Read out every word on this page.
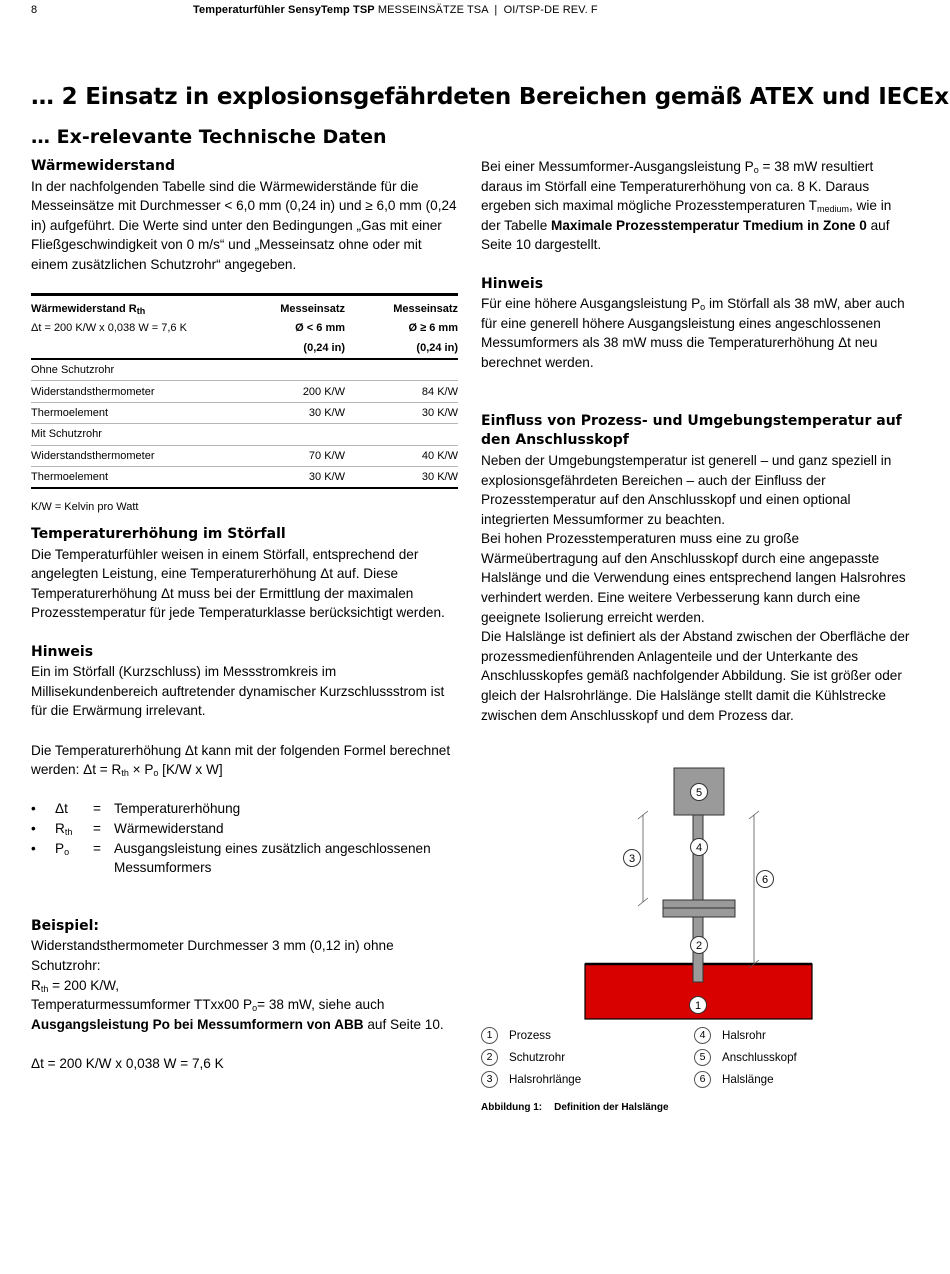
8	Temperaturfühler SensyTemp TSP MESSEINSÄTZE TSA  |  OI/TSP-DE REV. F
… 2 Einsatz in explosionsgefährdeten Bereichen gemäß ATEX und IECEx
… Ex-relevante Technische Daten
Wärmewiderstand

In der nachfolgenden Tabelle sind die Wärmewiderstände für die Messeinsätze mit Durchmesser < 6,0 mm (0,24 in) und ≥ 6,0 mm (0,24 in) aufgeführt. Die Werte sind unter den Bedingungen „Gas mit einer Fließgeschwindigkeit von 0 m/s“ und „Messeinsatz ohne oder mit einem zusätzlichen Schutzrohr“ angegeben.

Wärmewiderstand $R_{th}$	Messeinsatz	Messeinsatz
Δt = 200 K/W x 0,038 W = 7,6 K	Ø < 6 mm	Ø ≥ 6 mm
(0,24 in)	(0,24 in)
Ohne Schutzrohr
Widerstandsthermometer	200 K/W	84 K/W
Thermoelement	30 K/W	30 K/W
Mit Schutzrohr
Widerstandsthermometer	70 K/W	40 K/W
Thermoelement	30 K/W	30 K/W
K/W = Kelvin pro Watt
Temperaturerhöhung im Störfall

Die Temperaturfühler weisen in einem Störfall, entsprechend der angelegten Leistung, eine Temperaturerhöhung Δt auf. Diese Temperaturerhöhung Δt muss bei der Ermittlung der maximalen Prozesstemperatur für jede Temperaturklasse berücksichtigt werden.

Hinweis

Ein im Störfall (Kurzschluss) im Messstromkreis im Millisekundenbereich auftretender dynamischer Kurzschlussstrom ist für die Erwärmung irrelevant.

Die Temperaturerhöhung Δt kann mit der folgenden Formel berechnet werden: $\Delta t = R_{th} \times P_o$ [K/W x W]

•	Δt	= Temperaturerhöhung
•	$R_{th}$	= Wärmewiderstand
•	$P_o$	= Ausgangsleistung eines zusätzlich angeschlossenen Messumformers
Beispiel:

Widerstandsthermometer Durchmesser 3 mm (0,12 in) ohne Schutzrohr:

$R_{th} = 200$ K/W,

Temperaturmessumformer TTxx00 $P_o= 38$ mW, siehe auch Ausgangsleistung Po bei Messumformern von ABB auf Seite 10.

Δt = 200 K/W x 0,038 W = 7,6 K

Bei einer Messumformer-Ausgangsleistung $P_o = 38$ mW resultiert daraus im Störfall eine Temperaturerhöhung von ca. 8 K. Daraus ergeben sich maximal mögliche Prozesstemperaturen $T_{medium}$, wie in der Tabelle Maximale Prozesstemperatur Tmedium in Zone 0 auf Seite 10 dargestellt.

Hinweis

Für eine höhere Ausgangsleistung $P_o$ im Störfall als 38 mW, aber auch für eine generell höhere Ausgangsleistung eines angeschlossenen Messumformers als 38 mW muss die Temperaturerhöhung Δt neu berechnet werden.

Einfluss von Prozess- und Umgebungstemperatur auf den Anschlusskopf

Neben der Umgebungstemperatur ist generell – und ganz speziell in explosionsgefährdeten Bereichen – auch der Einfluss der Prozesstemperatur auf den Anschlusskopf und einen optional integrierten Messumformer zu beachten.

Bei hohen Prozesstemperaturen muss eine zu große Wärmeübertragung auf den Anschlusskopf durch eine angepasste Halslänge und die Verwendung eines entsprechend langen Halsrohres verhindert werden. Eine weitere Verbesserung kann durch eine geeignete Isolierung erreicht werden.

Die Halslänge ist definiert als der Abstand zwischen der Oberfläche der prozessmedienführenden Anlagenteile und der Unterkante des Anschlusskopfes gemäß nachfolgender Abbildung. Sie ist größer oder gleich der Halsrohrlänge. Die Halslänge stellt damit die Kühlstrecke zwischen dem Anschlusskopf und dem Prozess dar.

5
4
3
6
2
1
1	Prozess
2	Schutzrohr
3	Halsrohrlänge
4	Halsrohr
5	Anschlusskopf
6	Halslänge
Abbildung 1: Definition der Halslänge
